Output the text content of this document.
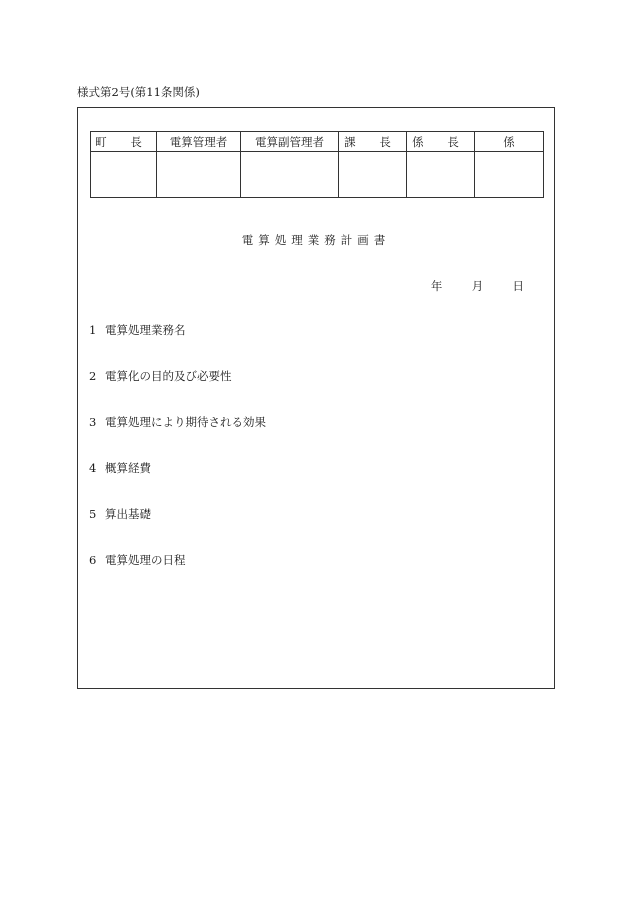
様式第2号(第11条関係)
町 長	電算管理者	電算副管理者	課 長	係 長	係

電算処理業務計画書
年	月	日
1 電算処理業務名
2 電算化の目的及び必要性
3 電算処理により期待される効果
4 概算経費
5 算出基礎
6 電算処理の日程
